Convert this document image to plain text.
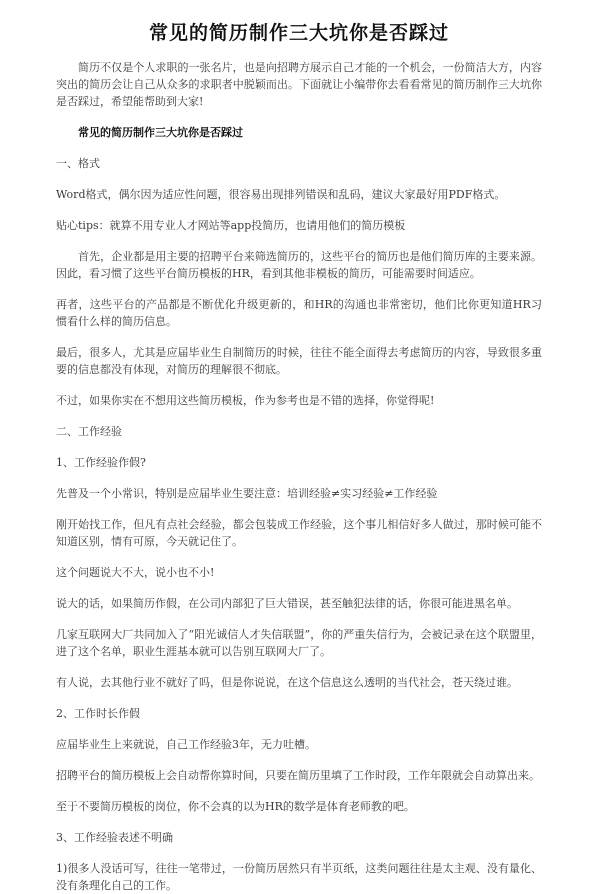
常见的简历制作三大坑你是否踩过

简历不仅是个人求职的一张名片，也是向招聘方展示自己才能的一个机会，一份简洁大方，内容突出的简历会让自己从众多的求职者中脱颖而出。下面就让小编带你去看看常见的简历制作三大坑你是否踩过，希望能帮助到大家!

常见的简历制作三大坑你是否踩过

一、格式

Word格式，偶尔因为适应性问题，很容易出现排列错误和乱码，建议大家最好用PDF格式。

贴心tips：就算不用专业人才网站等app投简历，也请用他们的简历模板

首先，企业都是用主要的招聘平台来筛选简历的，这些平台的简历也是他们简历库的主要来源。因此，看习惯了这些平台简历模板的HR，看到其他非模板的简历，可能需要时间适应。

再者，这些平台的产品都是不断优化升级更新的，和HR的沟通也非常密切，他们比你更知道HR习惯看什么样的简历信息。

最后，很多人，尤其是应届毕业生自制简历的时候，往往不能全面得去考虑简历的内容，导致很多重要的信息都没有体现，对简历的理解很不彻底。

不过，如果你实在不想用这些简历模板，作为参考也是不错的选择，你觉得呢!

二、工作经验

1、工作经验作假?

先普及一个小常识，特别是应届毕业生要注意：培训经验≠实习经验≠工作经验

刚开始找工作，但凡有点社会经验，都会包装成工作经验，这个事儿相信好多人做过，那时候可能不知道区别，情有可原，今天就记住了。

这个问题说大不大，说小也不小!

说大的话，如果简历作假，在公司内部犯了巨大错误，甚至触犯法律的话，你很可能进黑名单。

几家互联网大厂共同加入了“阳光诚信人才失信联盟”，你的严重失信行为，会被记录在这个联盟里，进了这个名单，职业生涯基本就可以告别互联网大厂了。

有人说，去其他行业不就好了吗，但是你说说，在这个信息这么透明的当代社会，苍天绕过谁。

2、工作时长作假

应届毕业生上来就说，自己工作经验3年，无力吐槽。

招聘平台的简历模板上会自动帮你算时间，只要在简历里填了工作时段，工作年限就会自动算出来。

至于不要简历模板的岗位，你不会真的以为HR的数学是体育老师教的吧。

3、工作经验表述不明确

1)很多人没话可写，往往一笔带过，一份简历居然只有半页纸，这类问题往往是太主观、没有量化、没有条理化自己的工作。
